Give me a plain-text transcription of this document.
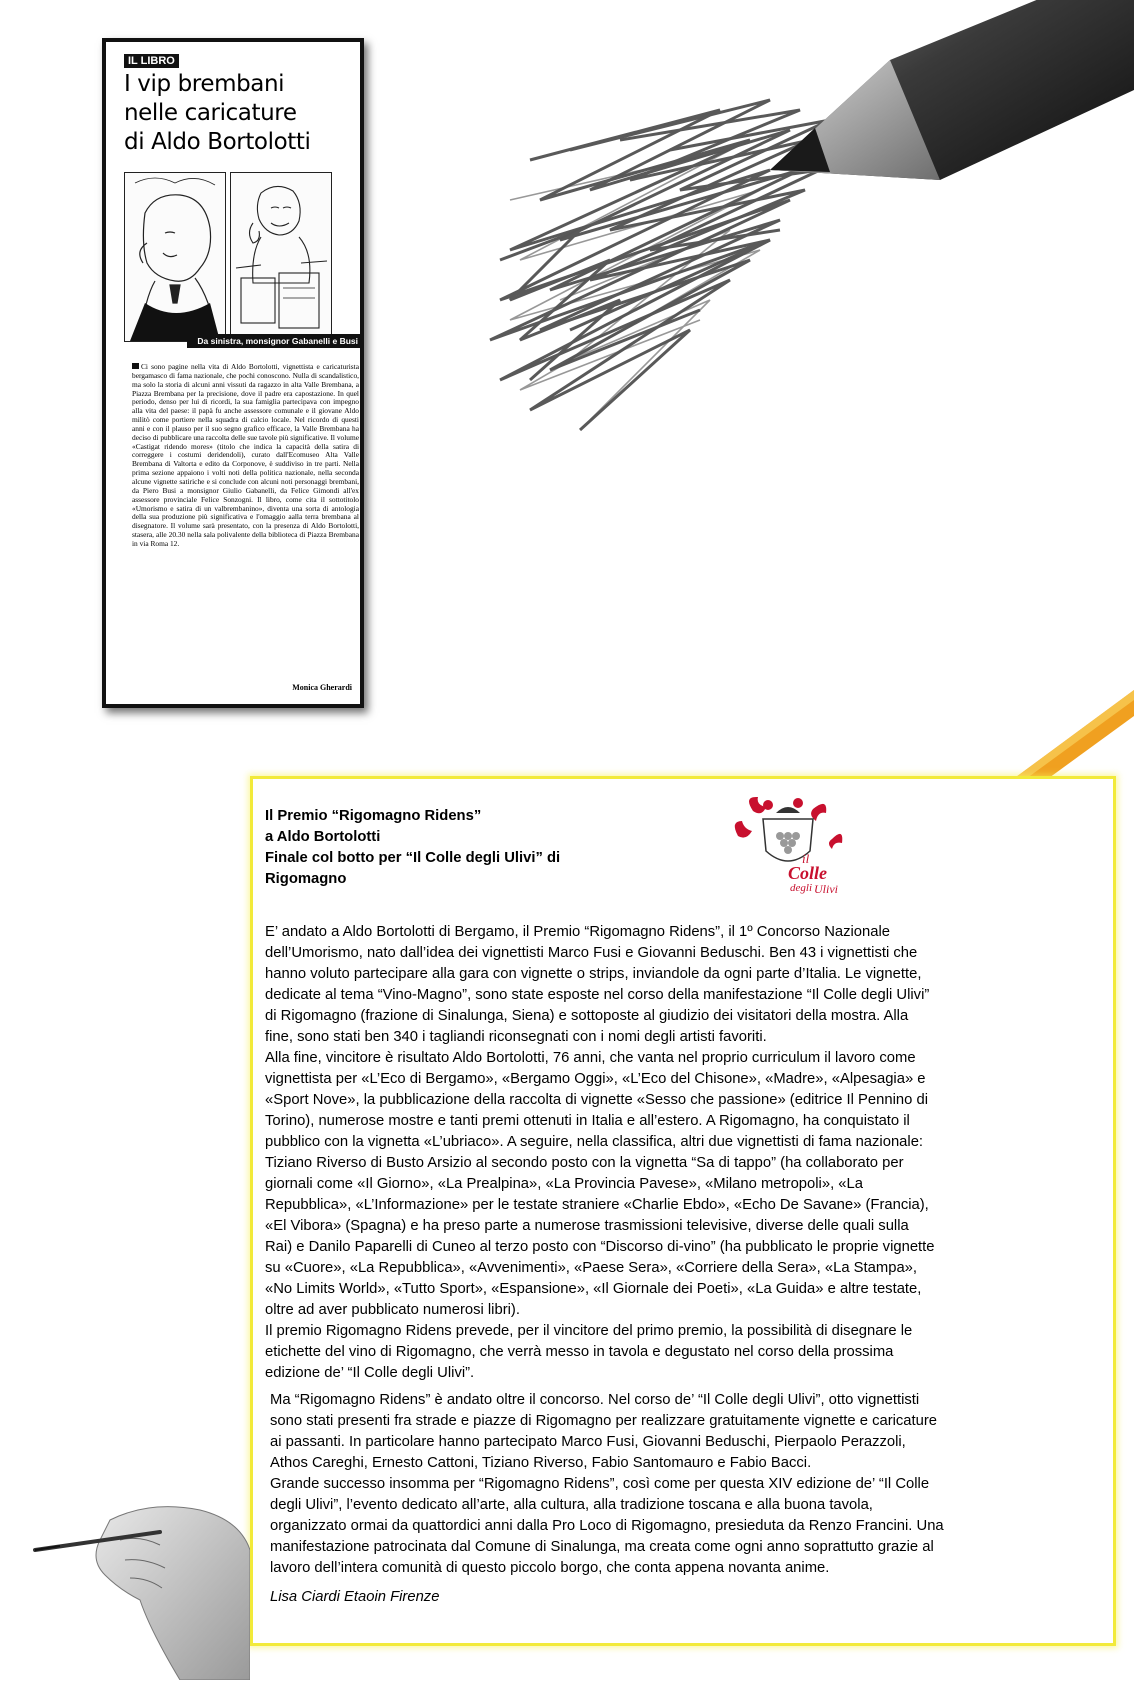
IL LIBRO
I vip brembani
nelle caricature
di Aldo Bortolotti
Da sinistra, monsignor Gabanelli e Busi

Ci sono pagine nella vita di Aldo Bortolotti, vignettista e caricaturista bergamasco di fama nazionale, che pochi conoscono. Nulla di scandalistico, ma solo la storia di alcuni anni vissuti da ragazzo in alta Valle Brembana, a Piazza Brembana per la precisione, dove il padre era capostazione. In quel periodo, denso per lui di ricordi, la sua famiglia partecipava con impegno alla vita del paese: il papà fu anche assessore comunale e il giovane Aldo militò come portiere nella squadra di calcio locale. Nel ricordo di questi anni e con il plauso per il suo segno grafico efficace, la Valle Brembana ha deciso di pubblicare una raccolta delle sue tavole più significative. Il volume «Castigat ridendo mores» (titolo che indica la capacità della satira di correggere i costumi deridendoli), curato dall'Ecomuseo Alta Valle Brembana di Valtorta e edito da Corponove, è suddiviso in tre parti. Nella prima sezione appaiono i volti noti della politica nazionale, nella seconda alcune vignette satiriche e si conclude con alcuni noti personaggi brembani, da Piero Busi a monsignor Giulio Gabanelli, da Felice Gimondi all'ex assessore provinciale Felice Sonzogni. Il libro, come cita il sottotitolo «Umorismo e satira di un valbrembanino», diventa una sorta di antologia della sua produzione più significativa e l'omaggio aalla terra brembana al disegnatore. Il volume sarà presentato, con la presenza di Aldo Bortolotti, stasera, alle 20.30 nella sala polivalente della biblioteca di Piazza Brembana in via Roma 12.

Monica Gherardi
Il Premio “Rigomagno Ridens”
a Aldo Bortolotti
Finale col botto per “Il Colle degli Ulivi” di
Rigomagno
il
Colle
degli Ulivi

E’ andato a Aldo Bortolotti di Bergamo, il Premio “Rigomagno Ridens”, il 1º Concorso Nazionale
dell’Umorismo, nato dall’idea dei vignettisti Marco Fusi e Giovanni Beduschi. Ben 43 i vignettisti che
hanno voluto partecipare alla gara con vignette o strips, inviandole da ogni parte d’Italia. Le vignette,
dedicate al tema “Vino-Magno”, sono state esposte nel corso della manifestazione “Il Colle degli Ulivi”
di Rigomagno (frazione di Sinalunga, Siena) e sottoposte al giudizio dei visitatori della mostra. Alla
fine, sono stati ben 340 i tagliandi riconsegnati con i nomi degli artisti favoriti.
Alla fine, vincitore è risultato Aldo Bortolotti, 76 anni, che vanta nel proprio curriculum il lavoro come
vignettista per «L’Eco di Bergamo», «Bergamo Oggi», «L’Eco del Chisone», «Madre», «Alpesagia» e
«Sport Nove», la pubblicazione della raccolta di vignette «Sesso che passione» (editrice Il Pennino di
Torino), numerose mostre e tanti premi ottenuti in Italia e all’estero. A Rigomagno, ha conquistato il
pubblico con la vignetta «L’ubriaco». A seguire, nella classifica, altri due vignettisti di fama nazionale:
Tiziano Riverso di Busto Arsizio al secondo posto con la vignetta “Sa di tappo” (ha collaborato per
giornali come «Il Giorno», «La Prealpina», «La Provincia Pavese», «Milano metropoli», «La
Repubblica», «L’Informazione» per le testate straniere «Charlie Ebdo», «Echo De Savane» (Francia),
«El Vibora» (Spagna) e ha preso parte a numerose trasmissioni televisive, diverse delle quali sulla
Rai) e Danilo Paparelli di Cuneo al terzo posto con “Discorso di-vino” (ha pubblicato le proprie vignette
su «Cuore», «La Repubblica», «Avvenimenti», «Paese Sera», «Corriere della Sera», «La Stampa»,
«No Limits World», «Tutto Sport», «Espansione», «Il Giornale dei Poeti», «La Guida» e altre testate,
oltre ad aver pubblicato numerosi libri).
Il premio Rigomagno Ridens prevede, per il vincitore del primo premio, la possibilità di disegnare le
etichette del vino di Rigomagno, che verrà messo in tavola e degustato nel corso della prossima
edizione de’ “Il Colle degli Ulivi”.

Ma “Rigomagno Ridens” è andato oltre il concorso. Nel corso de’ “Il Colle degli Ulivi”, otto vignettisti
sono stati presenti fra strade e piazze di Rigomagno per realizzare gratuitamente vignette e caricature
ai passanti. In particolare hanno partecipato Marco Fusi, Giovanni Beduschi, Pierpaolo Perazzoli,
Athos Careghi, Ernesto Cattoni, Tiziano Riverso, Fabio Santomauro e Fabio Bacci.
Grande successo insomma per “Rigomagno Ridens”, così come per questa XIV edizione de’ “Il Colle
degli Ulivi”, l’evento dedicato all’arte, alla cultura, alla tradizione toscana e alla buona tavola,
organizzato ormai da quattordici anni dalla Pro Loco di Rigomagno, presieduta da Renzo Francini. Una
manifestazione patrocinata dal Comune di Sinalunga, ma creata come ogni anno soprattutto grazie al
lavoro dell’intera comunità di questo piccolo borgo, che conta appena novanta anime.

Lisa Ciardi Etaoin Firenze
